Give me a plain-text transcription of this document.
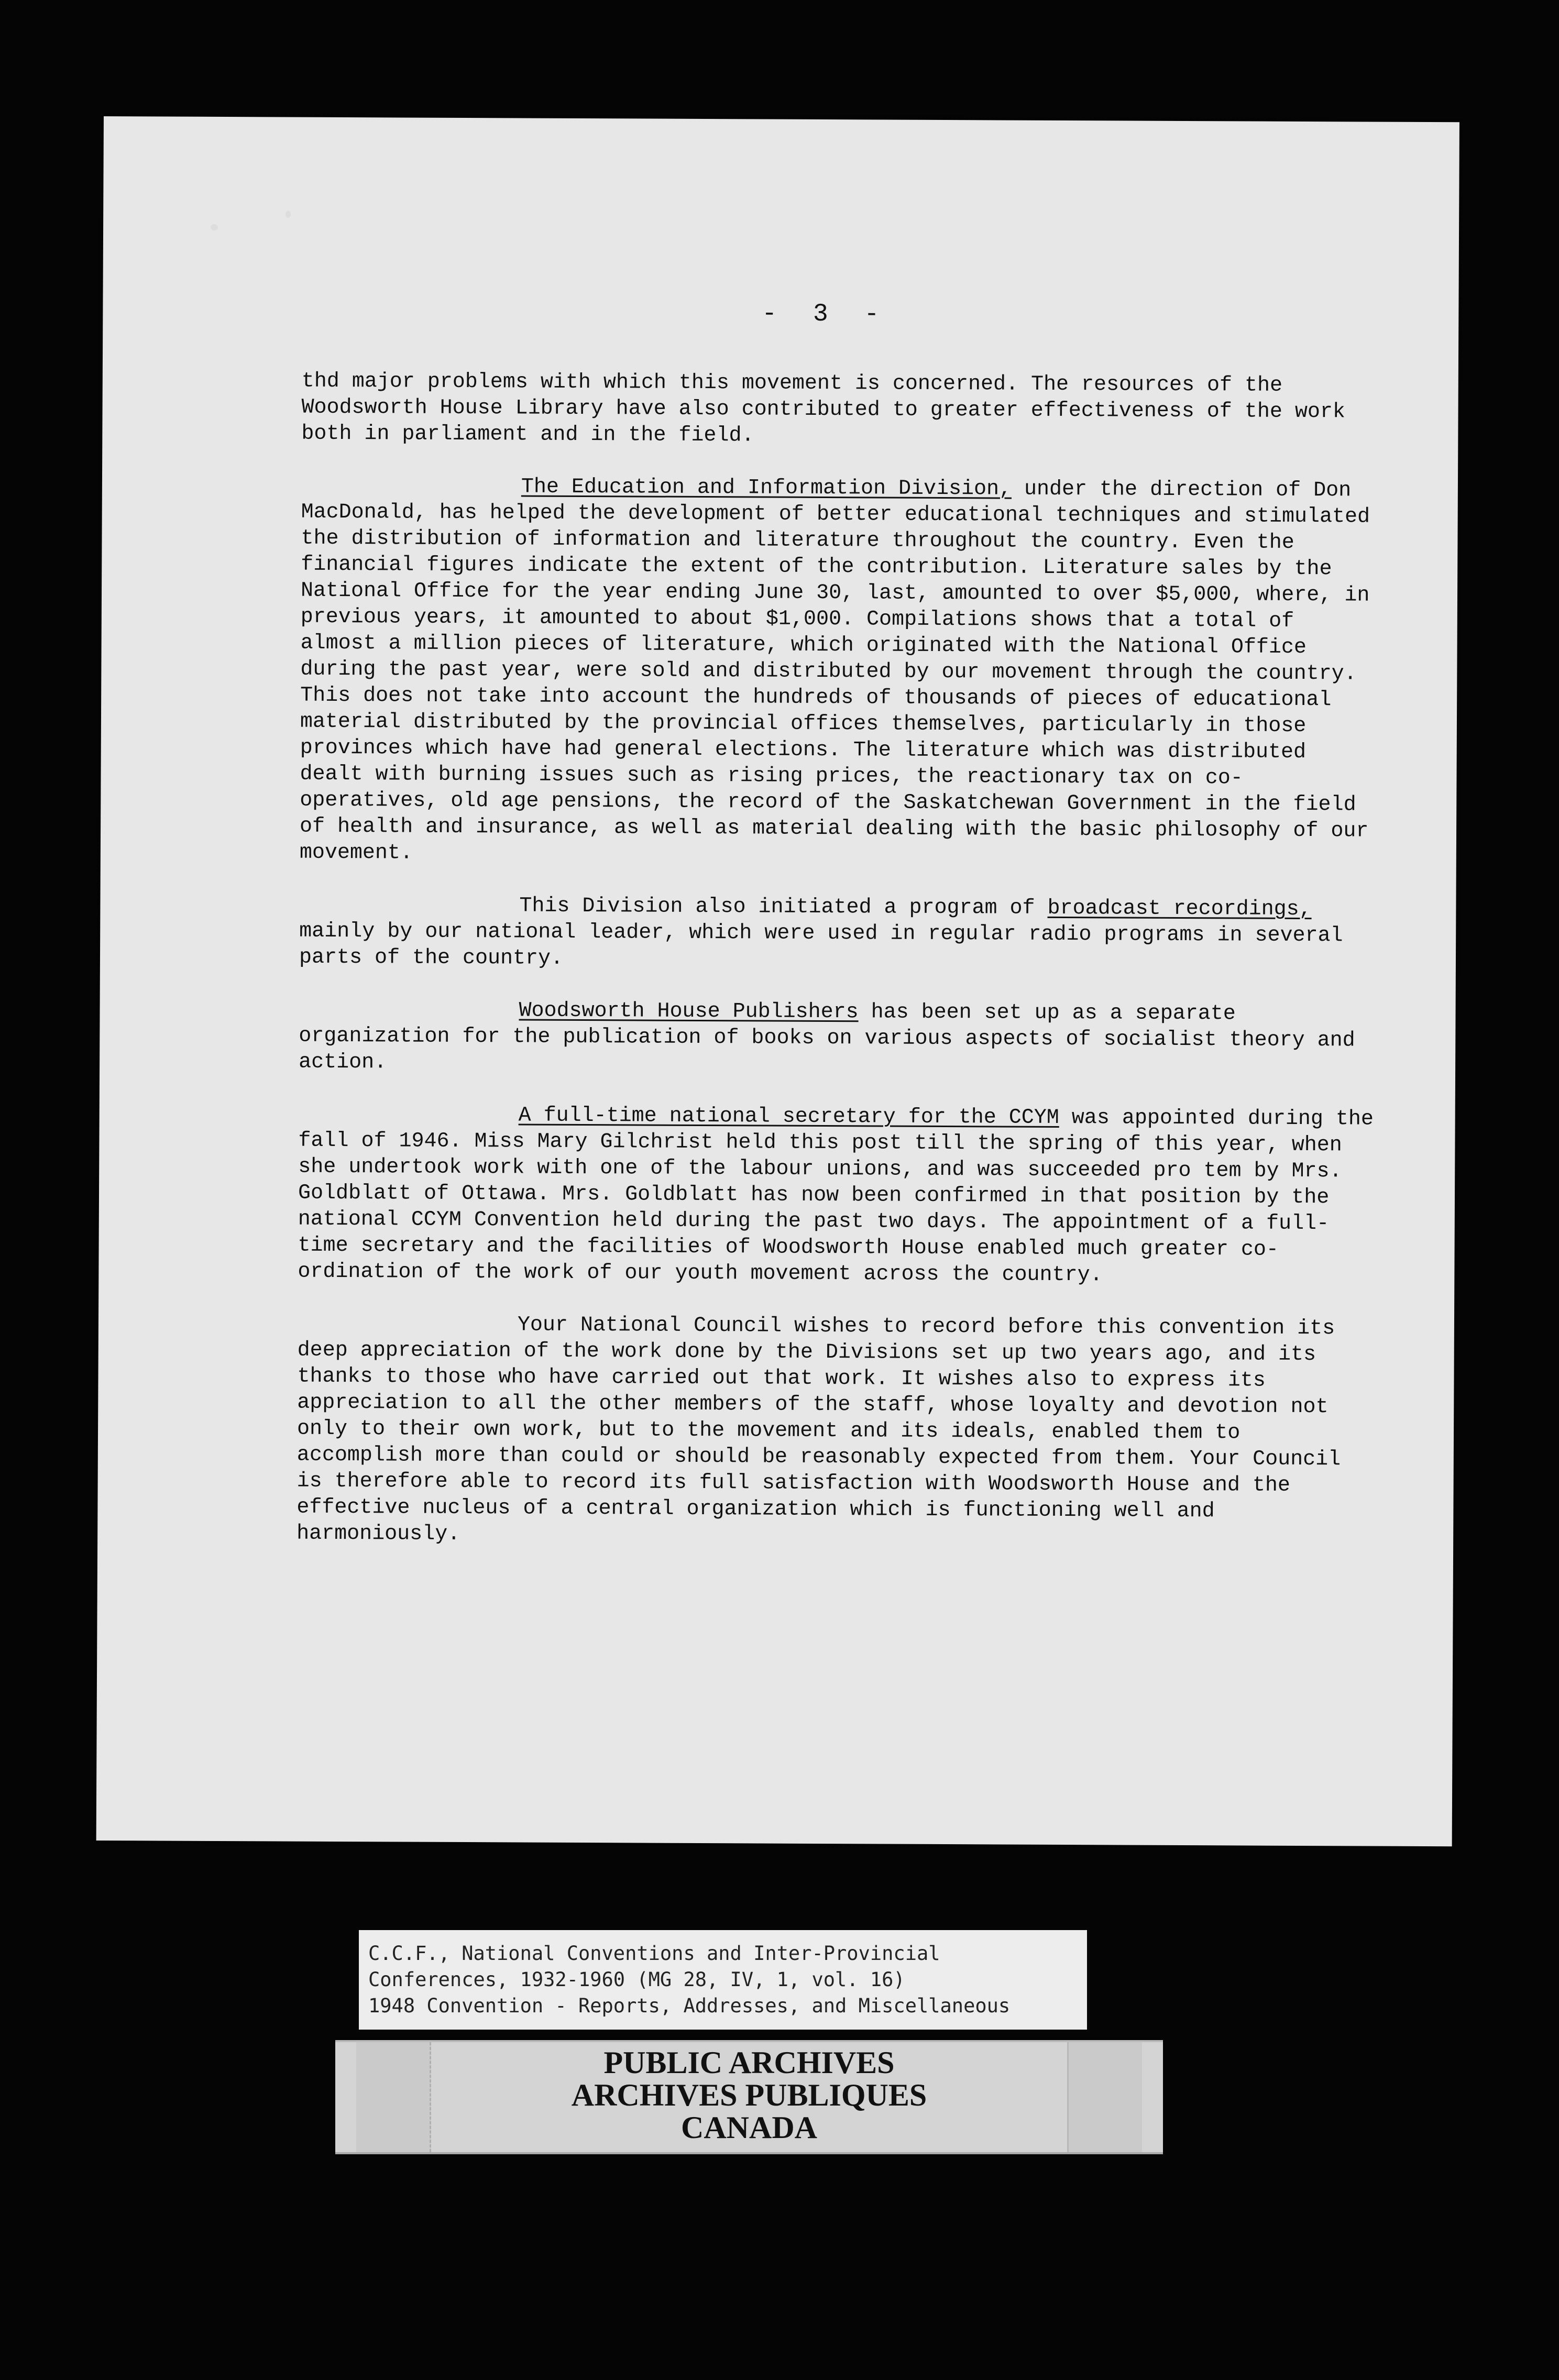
- 3 -

thd major problems with which this movement is concerned. The resources of the Woodsworth House Library have also contributed to greater effectiveness of the work both in parliament and in the field.

The Education and Information Division, under the direction of Don MacDonald, has helped the development of better educational techniques and stimulated the distribution of information and literature throughout the country. Even the financial figures indicate the extent of the contribution. Literature sales by the National Office for the year ending June 30, last, amounted to over $5,000, where, in previous years, it amounted to about $1,000. Compilations shows that a total of almost a million pieces of literature, which originated with the National Office during the past year, were sold and distributed by our movement through the country. This does not take into account the hundreds of thousands of pieces of educational material distributed by the provincial offices themselves, particularly in those provinces which have had general elections. The literature which was distributed dealt with burning issues such as rising prices, the reactionary tax on co-operatives, old age pensions, the record of the Saskatchewan Government in the field of health and insurance, as well as material dealing with the basic philosophy of our movement.

This Division also initiated a program of broadcast recordings, mainly by our national leader, which were used in regular radio programs in several parts of the country.

Woodsworth House Publishers has been set up as a separate organization for the publication of books on various aspects of socialist theory and action.

A full-time national secretary for the CCYM was appointed during the fall of 1946. Miss Mary Gilchrist held this post till the spring of this year, when she undertook work with one of the labour unions, and was succeeded pro tem by Mrs. Goldblatt of Ottawa. Mrs. Goldblatt has now been confirmed in that position by the national CCYM Convention held during the past two days. The appointment of a full-time secretary and the facilities of Woodsworth House enabled much greater co-ordination of the work of our youth movement across the country.

Your National Council wishes to record before this convention its deep appreciation of the work done by the Divisions set up two years ago, and its thanks to those who have carried out that work. It wishes also to express its appreciation to all the other members of the staff, whose loyalty and devotion not only to their own work, but to the movement and its ideals, enabled them to accomplish more than could or should be reasonably expected from them. Your Council is therefore able to record its full satisfaction with Woodsworth House and the effective nucleus of a central organization which is functioning well and harmoniously.

C.C.F., National Conventions and Inter-Provincial
Conferences, 1932-1960 (MG 28, IV, 1, vol. 16)
1948 Convention - Reports, Addresses, and Miscellaneous
PUBLIC ARCHIVES
ARCHIVES PUBLIQUES
CANADA
